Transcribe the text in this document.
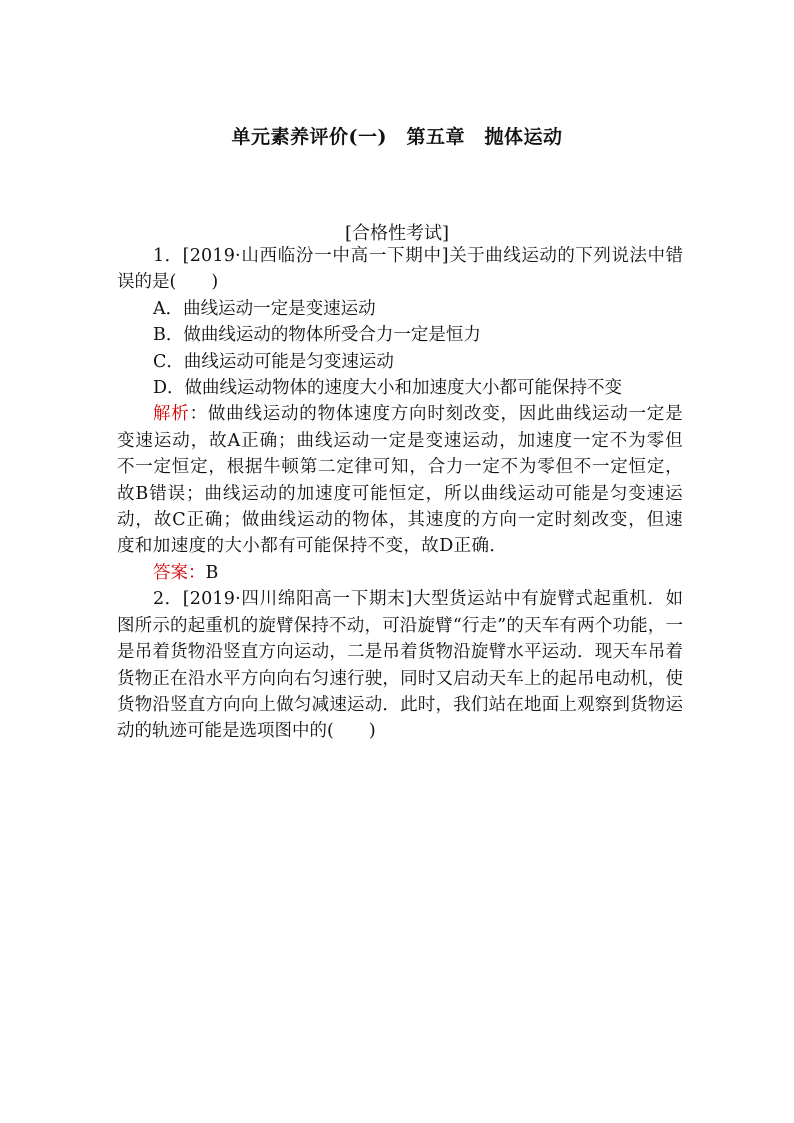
单元素养评价(一)　第五章　抛体运动
[合格性考试]

1．[2019·山西临汾一中高一下期中]关于曲线运动的下列说法中错误的是(　　)

A．曲线运动一定是变速运动

B．做曲线运动的物体所受合力一定是恒力

C．曲线运动可能是匀变速运动

D．做曲线运动物体的速度大小和加速度大小都可能保持不变

解析：做曲线运动的物体速度方向时刻改变，因此曲线运动一定是变速运动，故A正确；曲线运动一定是变速运动，加速度一定不为零但不一定恒定，根据牛顿第二定律可知，合力一定不为零但不一定恒定，故B错误；曲线运动的加速度可能恒定，所以曲线运动可能是匀变速运动，故C正确；做曲线运动的物体，其速度的方向一定时刻改变，但速度和加速度的大小都有可能保持不变，故D正确．

答案：B

2．[2019·四川绵阳高一下期末]大型货运站中有旋臂式起重机．如图所示的起重机的旋臂保持不动，可沿旋臂“行走”的天车有两个功能，一是吊着货物沿竖直方向运动，二是吊着货物沿旋臂水平运动．现天车吊着货物正在沿水平方向向右匀速行驶，同时又启动天车上的起吊电动机，使货物沿竖直方向向上做匀减速运动．此时，我们站在地面上观察到货物运动的轨迹可能是选项图中的(　　)
